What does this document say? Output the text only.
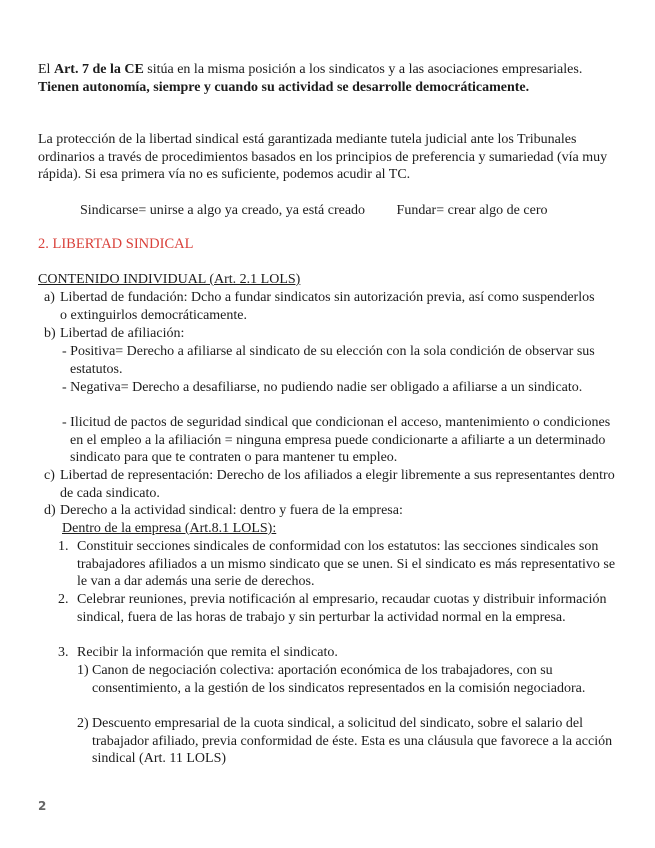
El Art. 7 de la CE sitúa en la misma posición a los sindicatos y a las asociaciones empresariales. Tienen autonomía, siempre y cuando su actividad se desarrolle democráticamente.

La protección de la libertad sindical está garantizada mediante tutela judicial ante los Tribunales ordinarios a través de procedimientos basados en los principios de preferencia y sumariedad (vía muy rápida). Si esa primera vía no es suficiente, podemos acudir al TC.

Sindicarse= unirse a algo ya creado, ya está creado Fundar= crear algo de cero
2. LIBERTAD SINDICAL
CONTENIDO INDIVIDUAL (Art. 2.1 LOLS)
a) Libertad de fundación: Dcho a fundar sindicatos sin autorización previa, así como suspenderlos o extinguirlos democráticamente.
b) Libertad de afiliación:
- Positiva= Derecho a afiliarse al sindicato de su elección con la sola condición de observar sus estatutos.
- Negativa= Derecho a desafiliarse, no pudiendo nadie ser obligado a afiliarse a un sindicato.
- Ilicitud de pactos de seguridad sindical que condicionan el acceso, mantenimiento o condiciones en el empleo a la afiliación = ninguna empresa puede condicionarte a afiliarte a un determinado sindicato para que te contraten o para mantener tu empleo.
c) Libertad de representación: Derecho de los afiliados a elegir libremente a sus representantes dentro de cada sindicato.
d) Derecho a la actividad sindical: dentro y fuera de la empresa:
Dentro de la empresa (Art.8.1 LOLS):
1. Constituir secciones sindicales de conformidad con los estatutos: las secciones sindicales son trabajadores afiliados a un mismo sindicato que se unen. Si el sindicato es más representativo se le van a dar además una serie de derechos.
2. Celebrar reuniones, previa notificación al empresario, recaudar cuotas y distribuir información sindical, fuera de las horas de trabajo y sin perturbar la actividad normal en la empresa.
3. Recibir la información que remita el sindicato.
1) Canon de negociación colectiva: aportación económica de los trabajadores, con su consentimiento, a la gestión de los sindicatos representados en la comisión negociadora.
2) Descuento empresarial de la cuota sindical, a solicitud del sindicato, sobre el salario del trabajador afiliado, previa conformidad de éste. Esta es una cláusula que favorece a la acción sindical (Art. 11 LOLS)
2
